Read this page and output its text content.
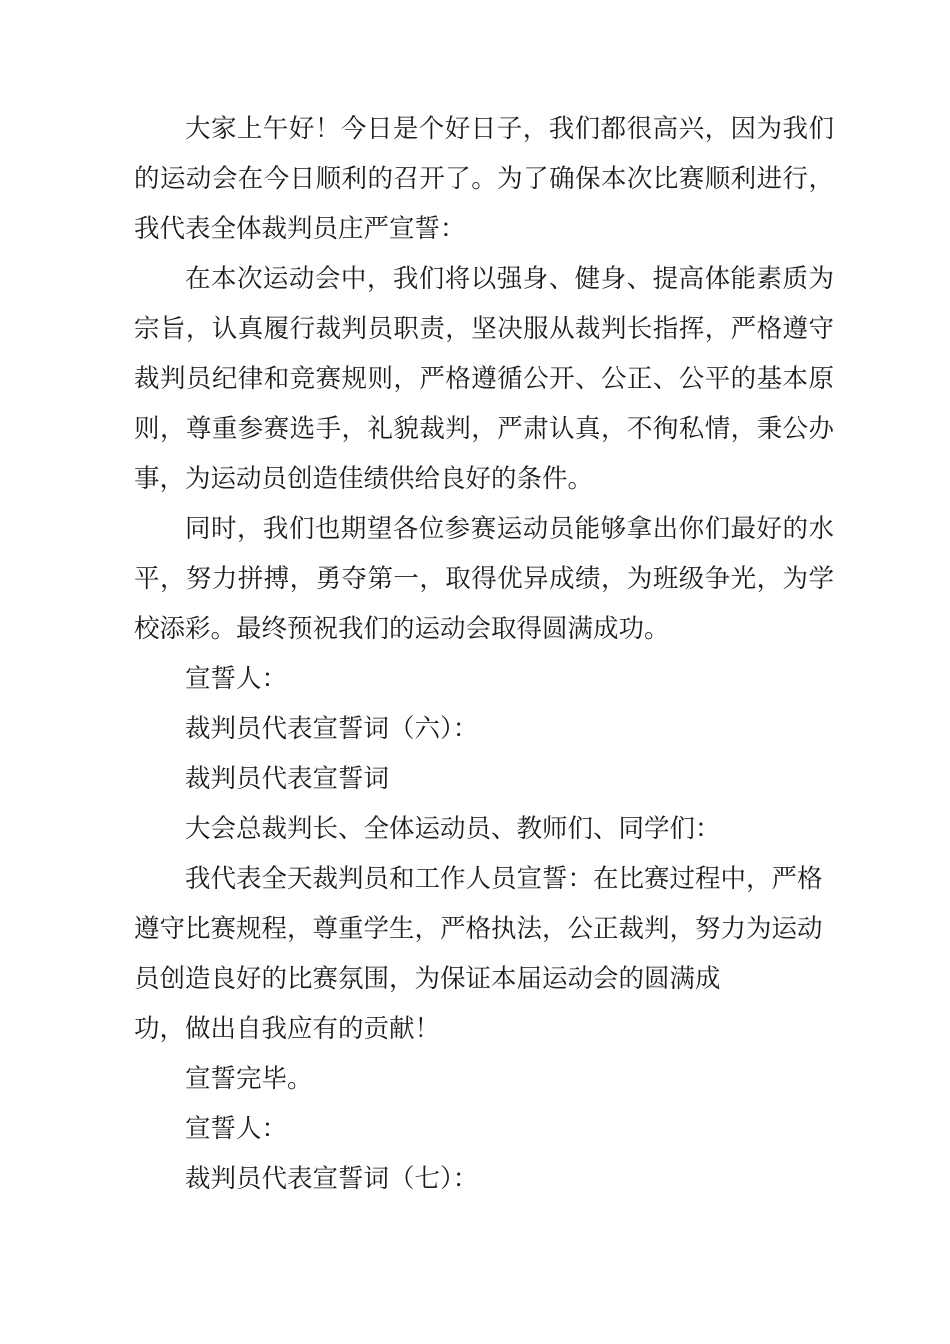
大家上午好！今日是个好日子，我们都很高兴，因为我们的运动会在今日顺利的召开了。为了确保本次比赛顺利进行，我代表全体裁判员庄严宣誓：

在本次运动会中，我们将以强身、健身、提高体能素质为宗旨，认真履行裁判员职责，坚决服从裁判长指挥，严格遵守裁判员纪律和竞赛规则，严格遵循公开、公正、公平的基本原则，尊重参赛选手，礼貌裁判，严肃认真，不徇私情，秉公办事，为运动员创造佳绩供给良好的条件。

同时，我们也期望各位参赛运动员能够拿出你们最好的水平，努力拼搏，勇夺第一，取得优异成绩，为班级争光，为学校添彩。最终预祝我们的运动会取得圆满成功。

宣誓人：

裁判员代表宣誓词（六）：

裁判员代表宣誓词

大会总裁判长、全体运动员、教师们、同学们：

我代表全天裁判员和工作人员宣誓：在比赛过程中，严格遵守比赛规程，尊重学生，严格执法，公正裁判，努力为运动员创造良好的比赛氛围，为保证本届运动会的圆满成

功，做出自我应有的贡献！

宣誓完毕。

宣誓人：

裁判员代表宣誓词（七）：
